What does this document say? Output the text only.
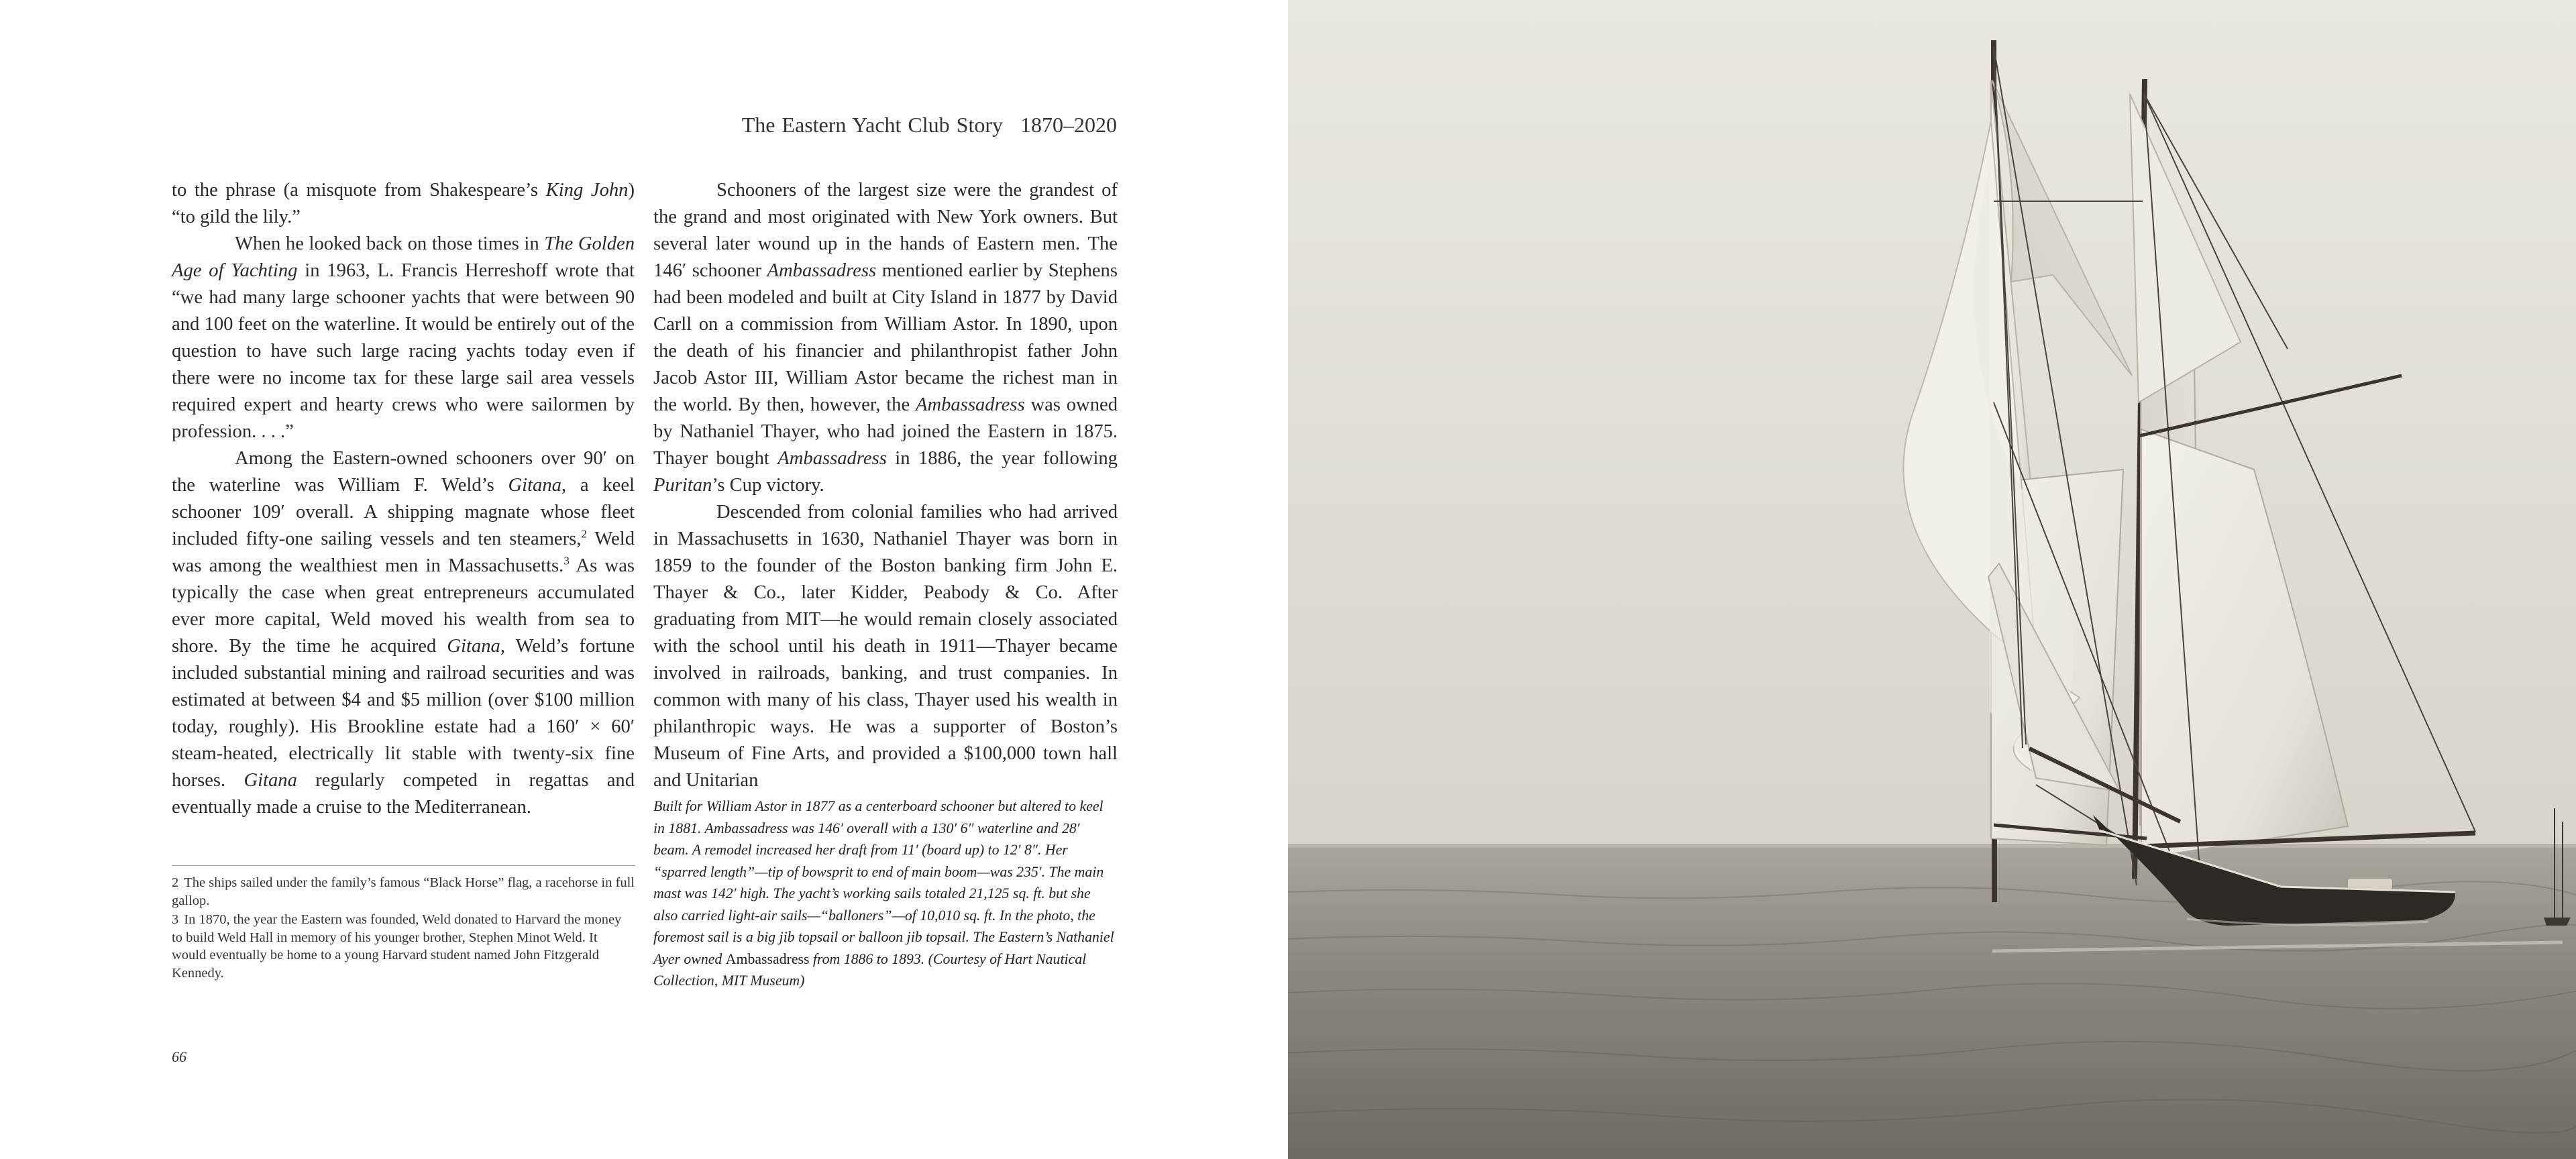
The Eastern Yacht Club Story 1870–2020

to the phrase (a misquote from Shakespeare’s King John) “to gild the lily.”

When he looked back on those times in The Golden Age of Yachting in 1963, L. Francis Herreshoff wrote that “we had many large schooner yachts that were between 90 and 100 feet on the waterline. It would be entirely out of the question to have such large racing yachts today even if there were no income tax for these large sail area vessels required expert and hearty crews who were sailormen by profession. . . .”

Among the Eastern-owned schooners over 90′ on the waterline was William F. Weld’s Gitana, a keel schooner 109′ overall. A shipping magnate whose fleet included fifty-one sailing vessels and ten steamers,$^2$ Weld was among the wealthiest men in Massachusetts.$^3$ As was typically the case when great entrepreneurs accumulated ever more capital, Weld moved his wealth from sea to shore. By the time he acquired Gitana, Weld’s fortune included substantial mining and railroad securities and was estimated at between $4 and $5 million (over $100 million today, roughly). His Brookline estate had a 160′ × 60′ steam-heated, electrically lit stable with twenty-six fine horses. Gitana regularly competed in regattas and eventually made a cruise to the Mediterranean.

Schooners of the largest size were the grandest of the grand and most originated with New York owners. But several later wound up in the hands of Eastern men. The 146′ schooner Ambassadress mentioned earlier by Stephens had been modeled and built at City Island in 1877 by David Carll on a commission from William Astor. In 1890, upon the death of his financier and philanthropist father John Jacob Astor III, William Astor became the richest man in the world. By then, however, the Ambassadress was owned by Nathaniel Thayer, who had joined the Eastern in 1875. Thayer bought Ambassadress in 1886, the year following Puritan’s Cup victory.

Descended from colonial families who had arrived in Massachusetts in 1630, Nathaniel Thayer was born in 1859 to the founder of the Boston banking firm John E. Thayer & Co., later Kidder, Peabody & Co. After graduating from MIT—he would remain closely associated with the school until his death in 1911—Thayer became involved in railroads, banking, and trust companies. In common with many of his class, Thayer used his wealth in philanthropic ways. He was a supporter of Boston’s Museum of Fine Arts, and provided a $100,000 town hall and Unitarian

Built for William Astor in 1877 as a centerboard schooner but altered to keel in 1881. Ambassadress was 146′ overall with a 130′ 6″ waterline and 28′ beam. A remodel increased her draft from 11′ (board up) to 12′ 8″. Her “sparred length”—tip of bowsprit to end of main boom—was 235′. The main mast was 142′ high. The yacht’s working sails totaled 21,125 sq. ft. but she also carried light-air sails—“balloners”—of 10,010 sq. ft. In the photo, the foremost sail is a big jib topsail or balloon jib topsail. The Eastern’s Nathaniel Ayer owned Ambassadress from 1886 to 1893. (Courtesy of Hart Nautical Collection, MIT Museum)

2 The ships sailed under the family’s famous “Black Horse” flag, a racehorse in full gallop.

3 In 1870, the year the Eastern was founded, Weld donated to Harvard the money to build Weld Hall in memory of his younger brother, Stephen Minot Weld. It would eventually be home to a young Harvard student named John Fitzgerald Kennedy.

66
